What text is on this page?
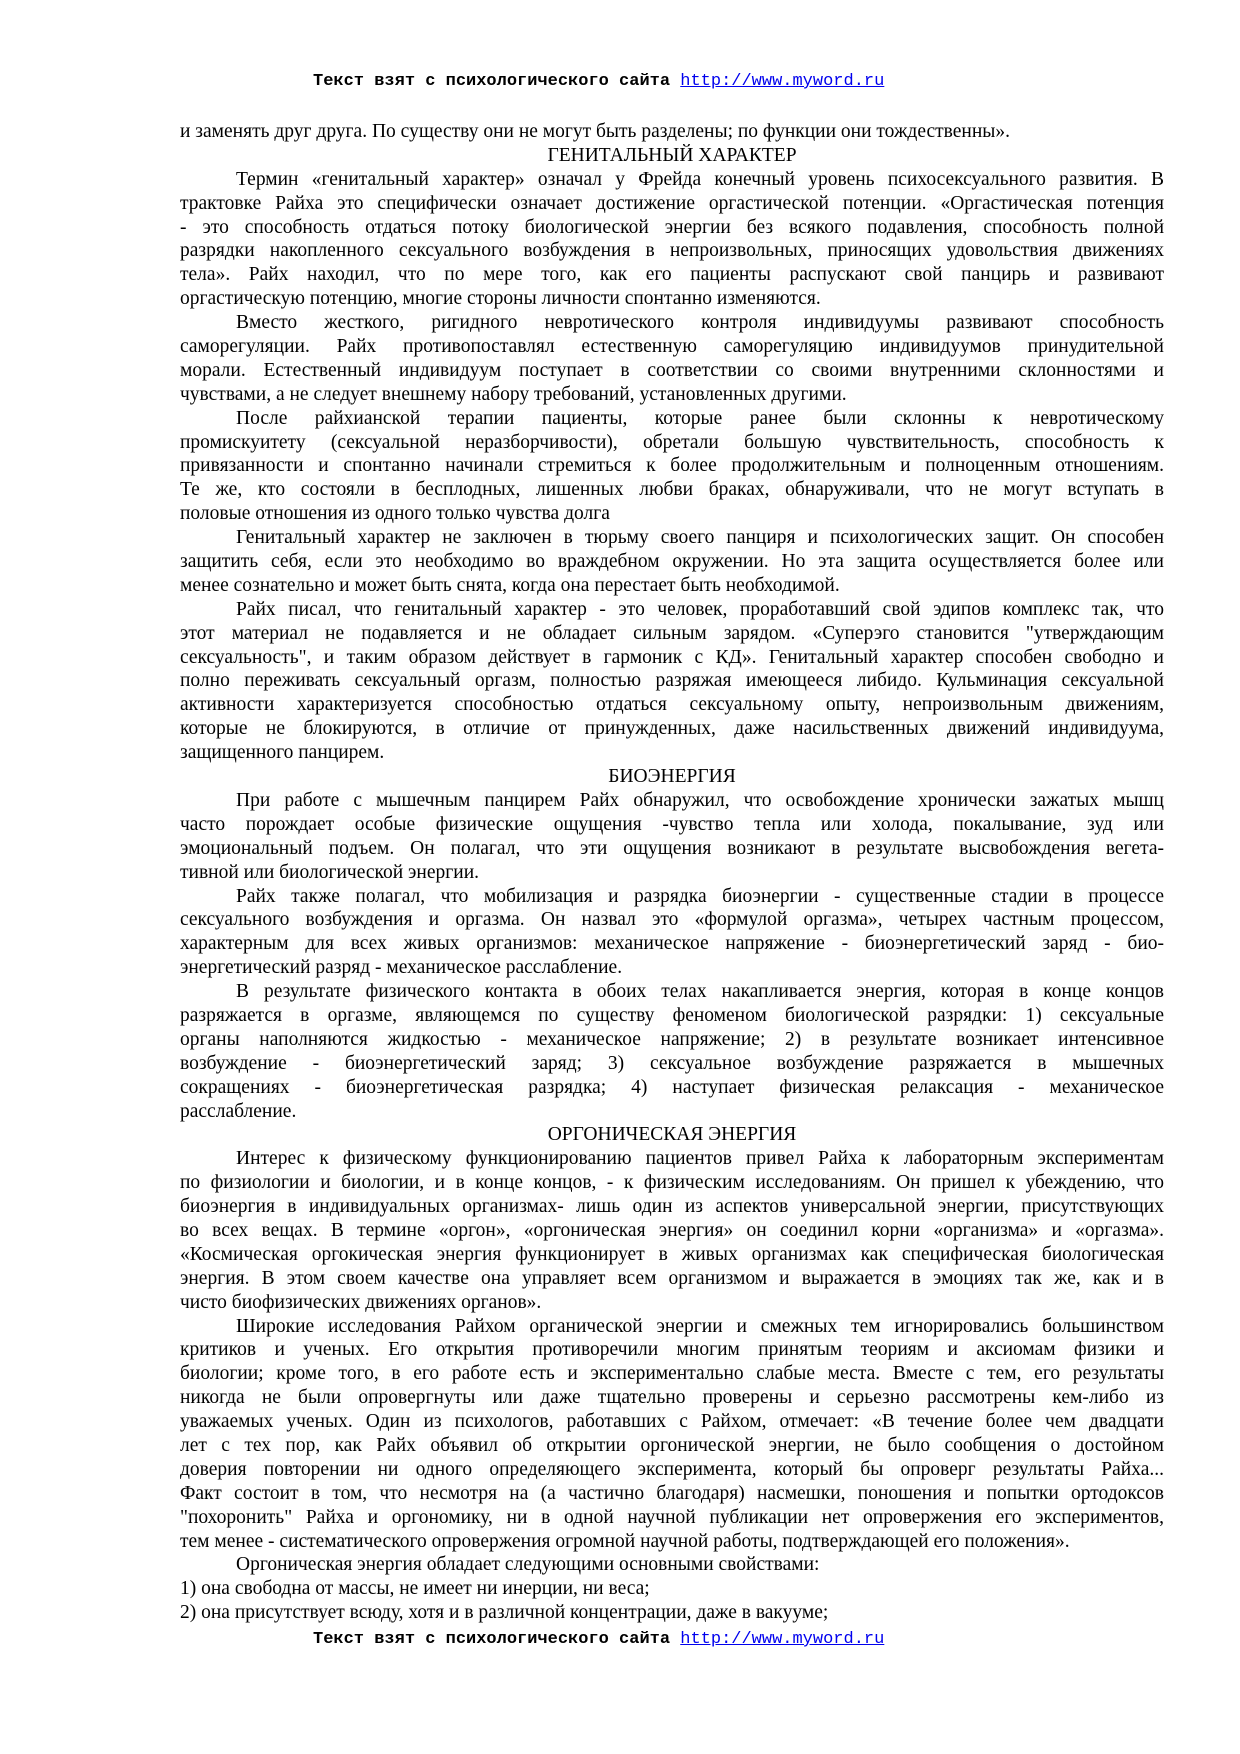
Текст взят с психологического сайта http://www.myword.ru
и заменять друг друга. По существу они не могут быть разделены; по функции они тождественны».
ГЕНИТАЛЬНЫЙ ХАРАКТЕР
Термин «генитальный характер» означал у Фрейда конечный уровень психосексуального развития. В
трактовке Райха это специфически означает достижение оргастической потенции. «Оргастическая потенция
- это способность отдаться потоку биологической энергии без всякого подавления, способность полной
разрядки накопленного сексуального возбуждения в непроизвольных, приносящих удовольствия движениях
тела». Райх находил, что по мере того, как его пациенты распускают свой панцирь и развивают
оргастическую потенцию, многие стороны личности спонтанно изменяются.
Вместо жесткого, ригидного невротического контроля индивидуумы развивают способность
саморегуляции. Райх противопоставлял естественную саморегуляцию индивидуумов принудительной
морали. Естественный индивидуум поступает в соответствии со своими внутренними склонностями и
чувствами, а не следует внешнему набору требований, установленных другими.
После райхианской терапии пациенты, которые ранее были склонны к невротическому
промискуитету (сексуальной неразборчивости), обретали большую чувствительность, способность к
привязанности и спонтанно начинали стремиться к более продолжительным и полноценным отношениям.
Те же, кто состояли в бесплодных, лишенных любви браках, обнаруживали, что не могут вступать в
половые отношения из одного только чувства долга
Генитальный характер не заключен в тюрьму своего панциря и психологических защит. Он способен
защитить себя, если это необходимо во враждебном окружении. Но эта защита осуществляется более или
менее сознательно и может быть снята, когда она перестает быть необходимой.
Райх писал, что генитальный характер - это человек, проработавший свой эдипов комплекс так, что
этот материал не подавляется и не обладает сильным зарядом. «Суперэго становится "утверждающим
сексуальность", и таким образом действует в гармоник с КД». Генитальный характер способен свободно и
полно переживать сексуальный оргазм, полностью разряжая имеющееся либидо. Кульминация сексуальной
активности характеризуется способностью отдаться сексуальному опыту, непроизвольным движениям,
которые не блокируются, в отличие от принужденных, даже насильственных движений индивидуума,
защищенного панцирем.
БИОЭНЕРГИЯ
При работе с мышечным панцирем Райх обнаружил, что освобождение хронически зажатых мышц
часто порождает особые физические ощущения -чувство тепла или холода, покалывание, зуд или
эмоциональный подъем. Он полагал, что эти ощущения возникают в результате высвобождения вегета-
тивной или биологической энергии.
Райх также полагал, что мобилизация и разрядка биоэнергии - существенные стадии в процессе
сексуального возбуждения и оргазма. Он назвал это «формулой оргазма», четырех частным процессом,
характерным для всех живых организмов: механическое напряжение - биоэнергетический заряд - био-
энергетический разряд - механическое расслабление.
В результате физического контакта в обоих телах накапливается энергия, которая в конце концов
разряжается в оргазме, являющемся по существу феноменом биологической разрядки: 1) сексуальные
органы наполняются жидкостью - механическое напряжение; 2) в результате возникает интенсивное
возбуждение - биоэнергетический заряд; 3) сексуальное возбуждение разряжается в мышечных
сокращениях - биоэнергетическая разрядка; 4) наступает физическая релаксация - механическое
расслабление.
ОРГОНИЧЕСКАЯ ЭНЕРГИЯ
Интерес к физическому функционированию пациентов привел Райха к лабораторным экспериментам
по физиологии и биологии, и в конце концов, - к физическим исследованиям. Он пришел к убеждению, что
биоэнергия в индивидуальных организмах- лишь один из аспектов универсальной энергии, присутствующих
во всех вещах. В термине «оргон», «оргоническая энергия» он соединил корни «организма» и «оргазма».
«Космическая оргокическая энергия функционирует в живых организмах как специфическая биологическая
энергия. В этом своем качестве она управляет всем организмом и выражается в эмоциях так же, как и в
чисто биофизических движениях органов».
Широкие исследования Райхом органической энергии и смежных тем игнорировались большинством
критиков и ученых. Его открытия противоречили многим принятым теориям и аксиомам физики и
биологии; кроме того, в его работе есть и экспериментально слабые места. Вместе с тем, его результаты
никогда не были опровергнуты или даже тщательно проверены и серьезно рассмотрены кем-либо из
уважаемых ученых. Один из психологов, работавших с Райхом, отмечает: «В течение более чем двадцати
лет с тех пор, как Райх объявил об открытии оргонической энергии, не было сообщения о достойном
доверия повторении ни одного определяющего эксперимента, который бы опроверг результаты Райха...
Факт состоит в том, что несмотря на (а частично благодаря) насмешки, поношения и попытки ортодоксов
"похоронить" Райха и оргономику, ни в одной научной публикации нет опровержения его экспериментов,
тем менее - систематического опровержения огромной научной работы, подтверждающей его положения».
Оргоническая энергия обладает следующими основными свойствами:
1) она свободна от массы, не имеет ни инерции, ни веса;
2) она присутствует всюду, хотя и в различной концентрации, даже в вакууме;
Текст взят с психологического сайта http://www.myword.ru
